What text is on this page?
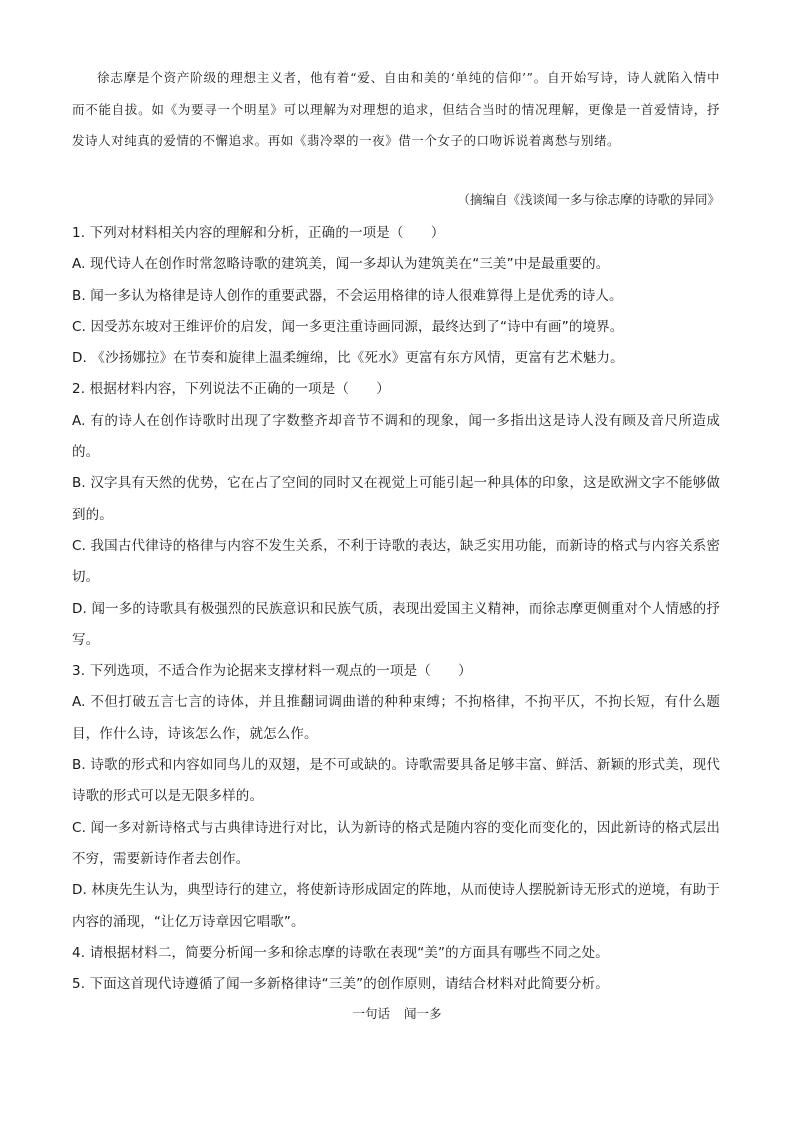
徐志摩是个资产阶级的理想主义者，他有着“爱、自由和美的‘单纯的信仰’”。自开始写诗，诗人就陷入情中而不能自拔。如《为要寻一个明星》可以理解为对理想的追求，但结合当时的情况理解，更像是一首爱情诗，抒发诗人对纯真的爱情的不懈追求。再如《翡冷翠的一夜》借一个女子的口吻诉说着离愁与别绪。

（摘编自《浅谈闻一多与徐志摩的诗歌的异同》

1. 下列对材料相关内容的理解和分析，正确的一项是（　　）

A. 现代诗人在创作时常忽略诗歌的建筑美，闻一多却认为建筑美在“三美”中是最重要的。

B. 闻一多认为格律是诗人创作的重要武器，不会运用格律的诗人很难算得上是优秀的诗人。

C. 因受苏东坡对王维评价的启发，闻一多更注重诗画同源，最终达到了“诗中有画”的境界。

D. 《沙扬娜拉》在节奏和旋律上温柔缠绵，比《死水》更富有东方风情，更富有艺术魅力。

2. 根据材料内容，下列说法不正确的一项是（　　）

A. 有的诗人在创作诗歌时出现了字数整齐却音节不调和的现象，闻一多指出这是诗人没有顾及音尺所造成的。

B. 汉字具有天然的优势，它在占了空间的同时又在视觉上可能引起一种具体的印象，这是欧洲文字不能够做到的。

C. 我国古代律诗的格律与内容不发生关系，不利于诗歌的表达，缺乏实用功能，而新诗的格式与内容关系密切。

D. 闻一多的诗歌具有极强烈的民族意识和民族气质，表现出爱国主义精神，而徐志摩更侧重对个人情感的抒写。

3. 下列选项，不适合作为论据来支撑材料一观点的一项是（　　）

A. 不但打破五言七言的诗体，并且推翻词调曲谱的种种束缚；不拘格律，不拘平仄，不拘长短，有什么题目，作什么诗，诗该怎么作，就怎么作。

B. 诗歌的形式和内容如同鸟儿的双翅，是不可或缺的。诗歌需要具备足够丰富、鲜活、新颖的形式美，现代诗歌的形式可以是无限多样的。

C. 闻一多对新诗格式与古典律诗进行对比，认为新诗的格式是随内容的变化而变化的，因此新诗的格式层出不穷，需要新诗作者去创作。

D. 林庚先生认为，典型诗行的建立，将使新诗形成固定的阵地，从而使诗人摆脱新诗无形式的逆境，有助于内容的涌现，“让亿万诗章因它唱歌”。

4. 请根据材料二，简要分析闻一多和徐志摩的诗歌在表现“美”的方面具有哪些不同之处。

5. 下面这首现代诗遵循了闻一多新格律诗“三美”的创作原则，请结合材料对此简要分析。

一句话 闻一多
